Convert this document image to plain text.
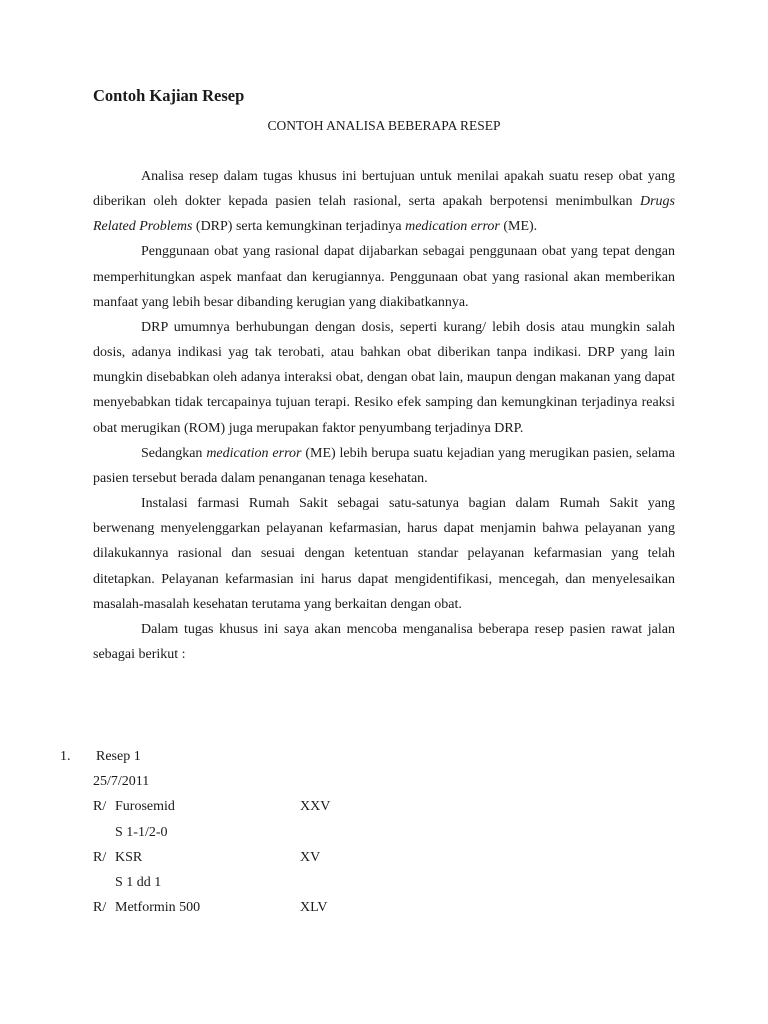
Contoh Kajian Resep
CONTOH ANALISA BEBERAPA RESEP

Analisa resep dalam tugas khusus ini bertujuan untuk menilai apakah suatu resep obat yang diberikan oleh dokter kepada pasien telah rasional, serta apakah berpotensi menimbulkan Drugs Related Problems (DRP) serta kemungkinan terjadinya medication error (ME).

Penggunaan obat yang rasional dapat dijabarkan sebagai penggunaan obat yang tepat dengan memperhitungkan aspek manfaat dan kerugiannya. Penggunaan obat yang rasional akan memberikan manfaat yang lebih besar dibanding kerugian yang diakibatkannya.

DRP umumnya berhubungan dengan dosis, seperti kurang/ lebih dosis atau mungkin salah dosis, adanya indikasi yag tak terobati, atau bahkan obat diberikan tanpa indikasi. DRP yang lain mungkin disebabkan oleh adanya interaksi obat, dengan obat lain, maupun dengan makanan yang dapat menyebabkan tidak tercapainya tujuan terapi. Resiko efek samping dan kemungkinan terjadinya reaksi obat merugikan (ROM) juga merupakan faktor penyumbang terjadinya DRP.

Sedangkan medication error (ME) lebih berupa suatu kejadian yang merugikan pasien, selama pasien tersebut berada dalam penanganan tenaga kesehatan.

Instalasi farmasi Rumah Sakit sebagai satu-satunya bagian dalam Rumah Sakit yang berwenang menyelenggarkan pelayanan kefarmasian, harus dapat menjamin bahwa pelayanan yang dilakukannya rasional dan sesuai dengan ketentuan standar pelayanan kefarmasian yang telah ditetapkan. Pelayanan kefarmasian ini harus dapat mengidentifikasi, mencegah, dan menyelesaikan masalah-masalah kesehatan terutama yang berkaitan dengan obat.

Dalam tugas khusus ini saya akan mencoba menganalisa beberapa resep pasien rawat jalan sebagai berikut :

1. Resep 1
25/7/2011
R/ Furosemid	XXV
S 1-1/2-0
R/ KSR	XV
S 1 dd 1
R/ Metformin 500	XLV
